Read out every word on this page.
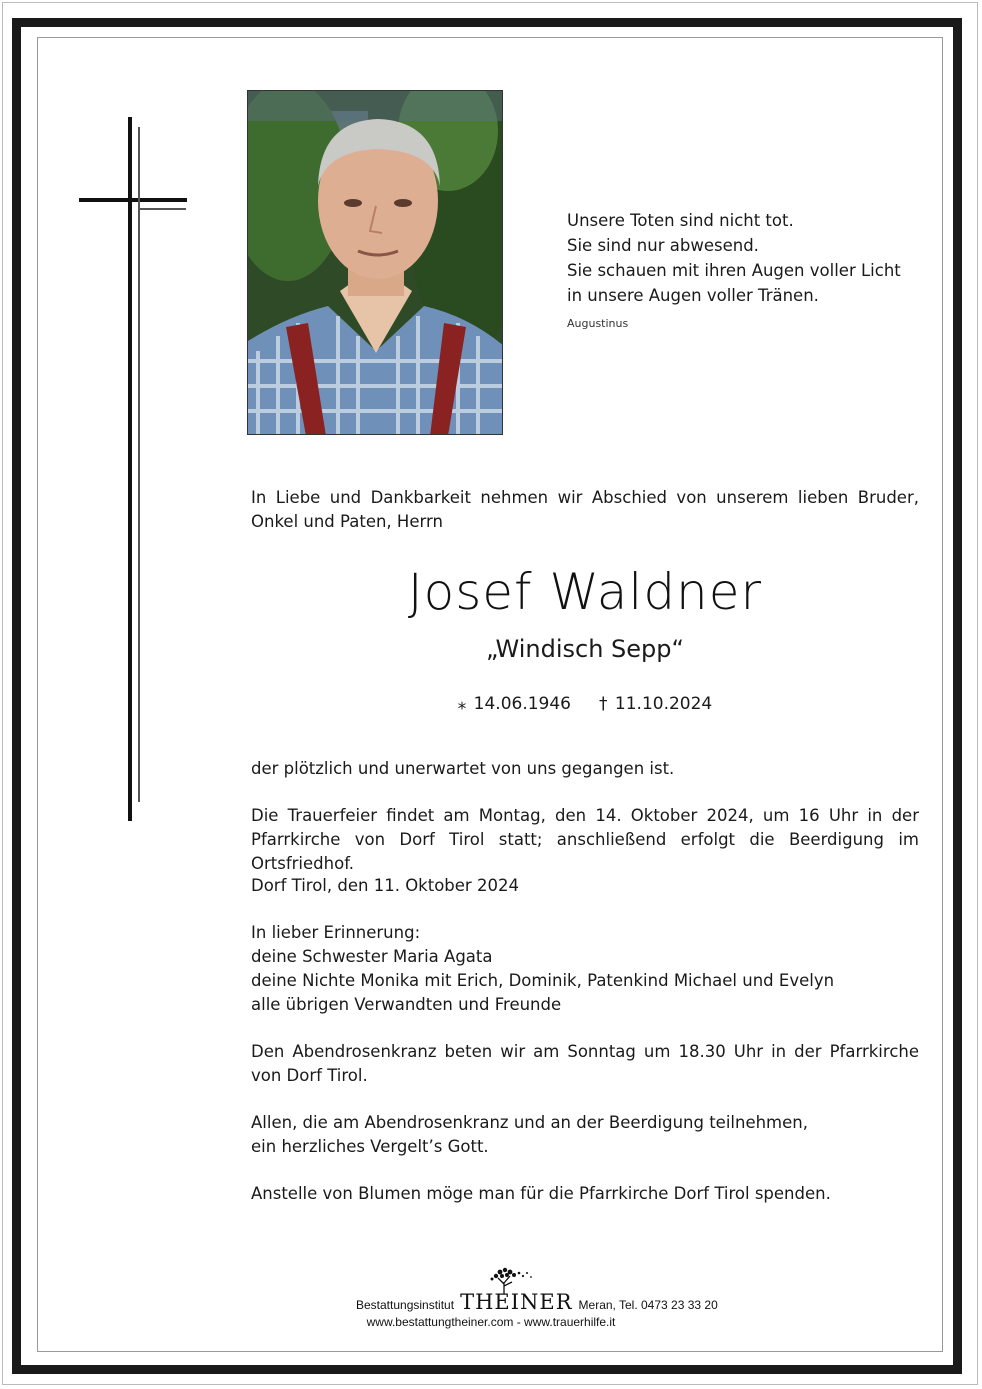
Unsere Toten sind nicht tot.
Sie sind nur abwesend.
Sie schauen mit ihren Augen voller Licht
in unsere Augen voller Tränen.
Augustinus
In Liebe und Dankbarkeit nehmen wir Abschied von unserem lieben Bruder, Onkel und Paten, Herrn
Josef Waldner
„Windisch Sepp“
⁎ 14.06.1946 † 11.10.2024
der plötzlich und unerwartet von uns gegangen ist.
Die Trauerfeier findet am Montag, den 14. Oktober 2024, um 16 Uhr in der Pfarrkirche von Dorf Tirol statt; anschließend erfolgt die Beerdigung im Ortsfriedhof.
Dorf Tirol, den 11. Oktober 2024
In lieber Erinnerung:
deine Schwester Maria Agata
deine Nichte Monika mit Erich, Dominik, Patenkind Michael und Evelyn
alle übrigen Verwandten und Freunde
Den Abendrosenkranz beten wir am Sonntag um 18.30 Uhr in der Pfarrkirche von Dorf Tirol.
Allen, die am Abendrosenkranz und an der Beerdigung teilnehmen,
ein herzliches Vergelt’s Gott.
Anstelle von Blumen möge man für die Pfarrkirche Dorf Tirol spenden.
Bestattungsinstitut THEINER Meran, Tel. 0473 23 33 20
www.bestattungtheiner.com - www.trauerhilfe.it
